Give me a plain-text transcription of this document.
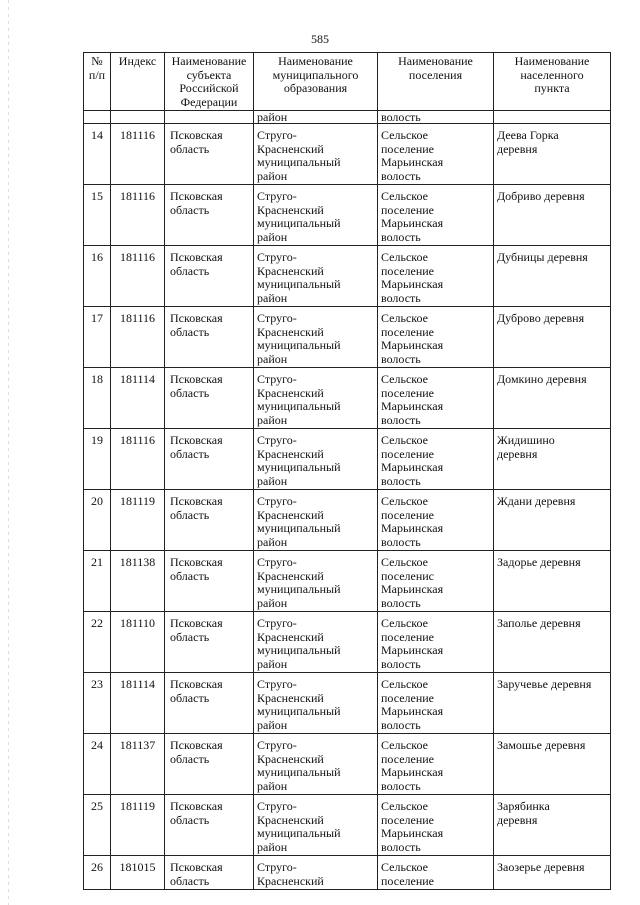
585
№
п/п	Индекс	Наименование
субъекта
Российской
Федерации	Наименование
муниципального
образования	Наименование
поселения	Наименование
населенного
пункта
			район	волость	
14	181116	Псковская
область	Струго-
Красненский
муниципальный
район	Сельское
поселение
Марьинская
волость	Деева Горка
деревня
15	181116	Псковская
область	Струго-
Красненский
муниципальный
район	Сельское
поселение
Марьинская
волость	Добриво деревня
16	181116	Псковская
область	Струго-
Красненский
муниципальный
район	Сельское
поселение
Марьинская
волость	Дубницы деревня
17	181116	Псковская
область	Струго-
Красненский
муниципальный
район	Сельское
поселение
Марьинская
волость	Дуброво деревня
18	181114	Псковская
область	Струго-
Красненский
муниципальный
район	Сельское
поселение
Марьинская
волость	Домкино деревня
19	181116	Псковская
область	Струго-
Красненский
муниципальный
район	Сельское
поселение
Марьинская
волость	Жидишино
деревня
20	181119	Псковская
область	Струго-
Красненский
муниципальный
район	Сельское
поселение
Марьинская
волость	Ждани деревня
21	181138	Псковская
область	Струго-
Красненский
муниципальный
район	Сельское
поселенис
Марьинская
волость	Задорье деревня
22	181110	Псковская
область	Струго-
Красненский
муниципальный
район	Сельское
поселение
Марьинская
волость	Заполье деревня
23	181114	Псковская
область	Струго-
Красненский
муниципальный
район	Сельское
поселение
Марьинская
волость	Заручевье деревня
24	181137	Псковская
область	Струго-
Красненский
муниципальный
район	Сельское
поселение
Марьинская
волость	Замошье деревня
25	181119	Псковская
область	Струго-
Красненский
муниципальный
район	Сельское
поселение
Марьинская
волость	Зарябинка
деревня
26	181015	Псковская
область	Струго-
Красненский	Сельское
поселение	Заозерье деревня
